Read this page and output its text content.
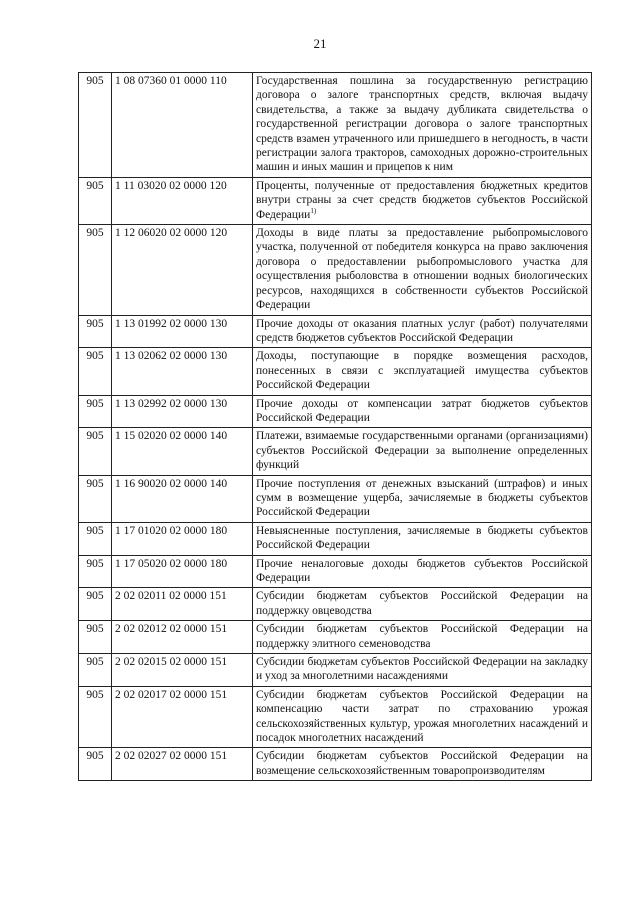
21
905	1 08 07360 01 0000 110	Государственная пошлина за государственную регистрацию договора о залоге транспортных средств, включая выдачу свидетельства, а также за выдачу дубликата свидетельства о государственной регистрации договора о залоге транспортных средств взамен утраченного или пришедшего в негодность, в части регистрации залога тракторов, самоходных дорожно-строительных машин и иных машин и прицепов к ним
905	1 11 03020 02 0000 120	Проценты, полученные от предоставления бюджетных кредитов внутри страны за счет средств бюджетов субъектов Российской Федерации$^{1)}$
905	1 12 06020 02 0000 120	Доходы в виде платы за предоставление рыбопромыслового участка, полученной от победителя конкурса на право заключения договора о предоставлении рыбопромыслового участка для осуществления рыболовства в отношении водных биологических ресурсов, находящихся в собственности субъектов Российской Федерации
905	1 13 01992 02 0000 130	Прочие доходы от оказания платных услуг (работ) получателями средств бюджетов субъектов Российской Федерации
905	1 13 02062 02 0000 130	Доходы, поступающие в порядке возмещения расходов, понесенных в связи с эксплуатацией имущества субъектов Российской Федерации
905	1 13 02992 02 0000 130	Прочие доходы от компенсации затрат бюджетов субъектов Российской Федерации
905	1 15 02020 02 0000 140	Платежи, взимаемые государственными органами (организациями) субъектов Российской Федерации за выполнение определенных функций
905	1 16 90020 02 0000 140	Прочие поступления от денежных взысканий (штрафов) и иных сумм в возмещение ущерба, зачисляемые в бюджеты субъектов Российской Федерации
905	1 17 01020 02 0000 180	Невыясненные поступления, зачисляемые в бюджеты субъектов Российской Федерации
905	1 17 05020 02 0000 180	Прочие неналоговые доходы бюджетов субъектов Российской Федерации
905	2 02 02011 02 0000 151	Субсидии бюджетам субъектов Российской Федерации на поддержку овцеводства
905	2 02 02012 02 0000 151	Субсидии бюджетам субъектов Российской Федерации на поддержку элитного семеноводства
905	2 02 02015 02 0000 151	Субсидии бюджетам субъектов Российской Федерации на закладку и уход за многолетними насаждениями
905	2 02 02017 02 0000 151	Субсидии бюджетам субъектов Российской Федерации на компенсацию части затрат по страхованию урожая сельскохозяйственных культур, урожая многолетних насаждений и посадок многолетних насаждений
905	2 02 02027 02 0000 151	Субсидии бюджетам субъектов Российской Федерации на возмещение сельскохозяйственным товаропроизводителям
